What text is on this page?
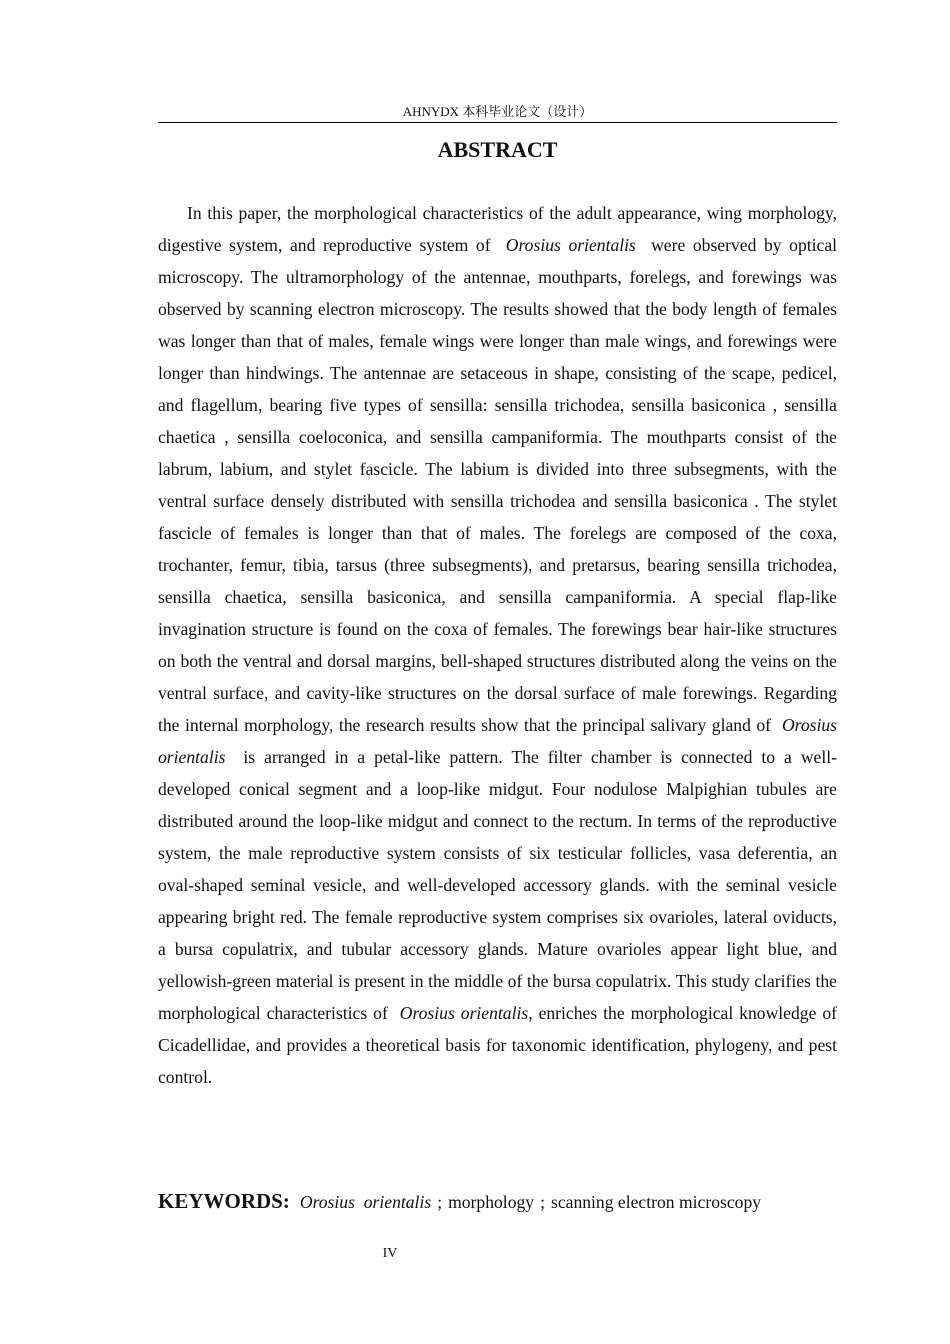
AHNYDX 本科毕业论文（设计）
ABSTRACT

In this paper, the morphological characteristics of the adult appearance, wing morphology, digestive system, and reproductive system of Orosius orientalis were observed by optical microscopy. The ultramorphology of the antennae, mouthparts, forelegs, and forewings was observed by scanning electron microscopy. The results showed that the body length of females was longer than that of males, female wings were longer than male wings, and forewings were longer than hindwings. The antennae are setaceous in shape, consisting of the scape, pedicel, and flagellum, bearing five types of sensilla: sensilla trichodea, sensilla basiconica , sensilla chaetica , sensilla coeloconica, and sensilla campaniformia. The mouthparts consist of the labrum, labium, and stylet fascicle. The labium is divided into three subsegments, with the ventral surface densely distributed with sensilla trichodea and sensilla basiconica . The stylet fascicle of females is longer than that of males. The forelegs are composed of the coxa, trochanter, femur, tibia, tarsus (three subsegments), and pretarsus, bearing sensilla trichodea, sensilla chaetica, sensilla basiconica, and sensilla campaniformia. A special flap-like invagination structure is found on the coxa of females. The forewings bear hair-like structures on both the ventral and dorsal margins, bell-shaped structures distributed along the veins on the ventral surface, and cavity-like structures on the dorsal surface of male forewings. Regarding the internal morphology, the research results show that the principal salivary gland of Orosius orientalis is arranged in a petal-like pattern. The filter chamber is connected to a well-developed conical segment and a loop-like midgut. Four nodulose Malpighian tubules are distributed around the loop-like midgut and connect to the rectum. In terms of the reproductive system, the male reproductive system consists of six testicular follicles, vasa deferentia, an oval-shaped seminal vesicle, and well-developed accessory glands. with the seminal vesicle appearing bright red. The female reproductive system comprises six ovarioles, lateral oviducts, a bursa copulatrix, and tubular accessory glands. Mature ovarioles appear light blue, and yellowish-green material is present in the middle of the bursa copulatrix. This study clarifies the morphological characteristics of Orosius orientalis, enriches the morphological knowledge of Cicadellidae, and provides a theoretical basis for taxonomic identification, phylogeny, and pest control.

KEYWORDS: Orosius  orientalis ; morphology ; scanning electron microscopy
IV
